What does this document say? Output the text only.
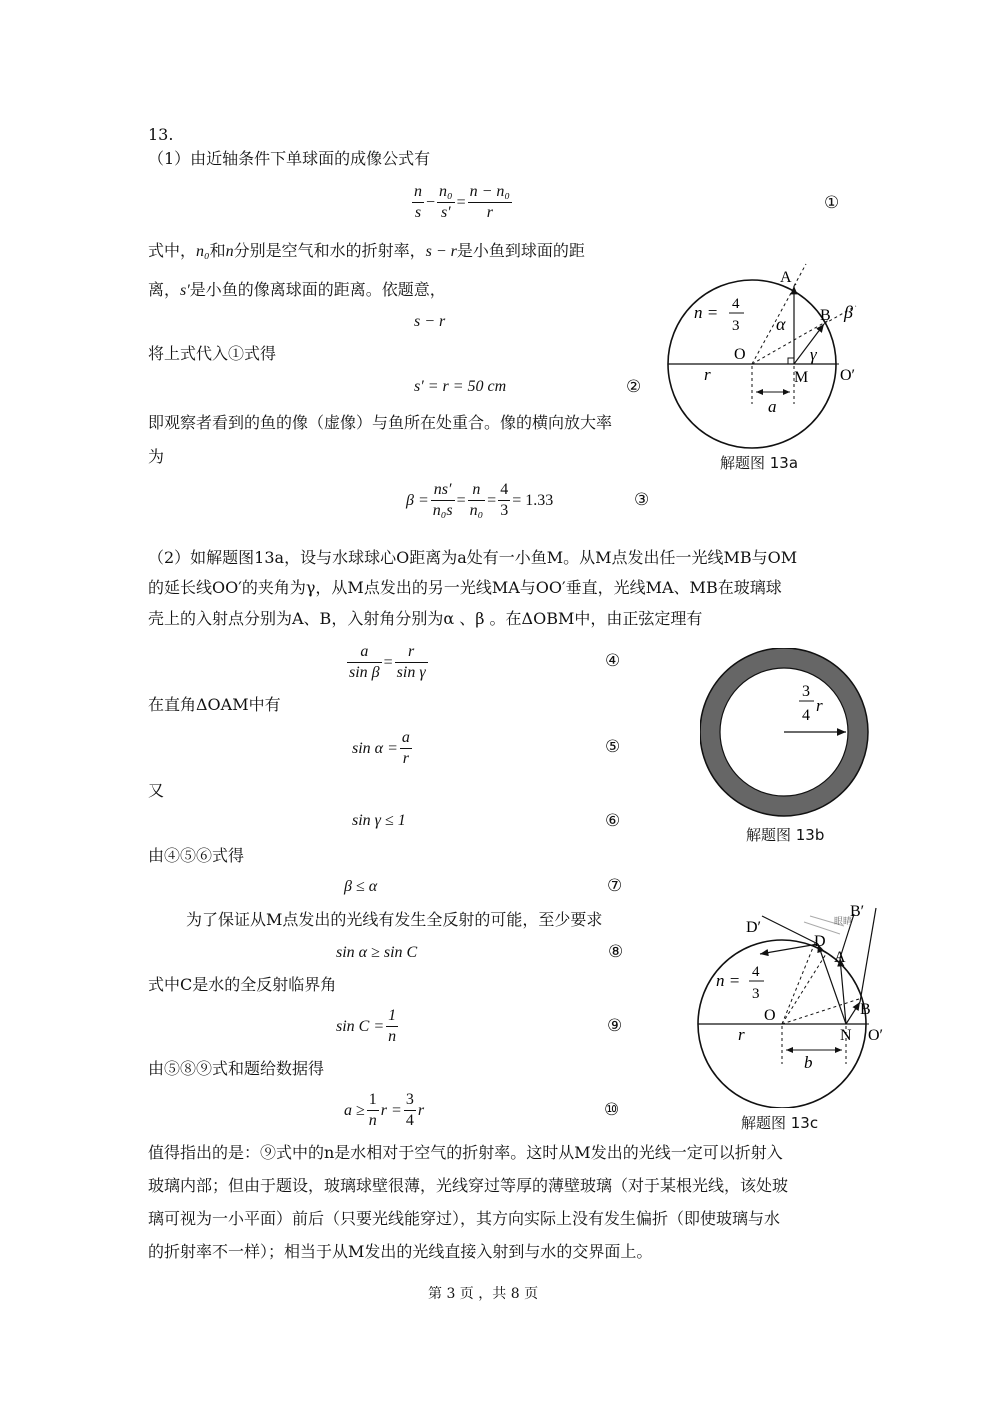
13.
（1）由近轴条件下单球面的成像公式有
$\frac{n}{s} - \frac{\text{n₀}}{s'} = \frac{\text{n − n₀}}{r}$	①
式中，n₀和n分别是空气和水的折射率，s − r是小鱼到球面的距
离，s′是小鱼的像离球面的距离。依题意，
s − r
将上式代入①式得
s′ = r = 50 cm	②
即观察者看到的鱼的像（虚像）与鱼所在处重合。像的横向放大率
为
$\beta = \frac{ns'}{\text{n₀s}} = \frac{n}{\text{n₀}} = \frac{4}{3} = 1.33$	③
（2）如解题图13a，设与水球球心O距离为a处有一小鱼M。从M点发出任一光线MB与OM
的延长线OO′的夹角为γ，从M点发出的另一光线MA与OO′垂直，光线MA、MB在玻璃球
壳上的入射点分别为A、B，入射角分别为α 、β 。在ΔOBM中，由正弦定理有
$\frac{a}{\text{sin β}} = \frac{r}{\text{sin γ}}$	④
在直角ΔOAM中有
$\sin \alpha = \frac{a}{r}$	⑤
又
sin γ ≤ 1	⑥
由④⑤⑥式得
β ≤ α	⑦
为了保证从M点发出的光线有发生全反射的可能，至少要求
sin α ≥ sin C	⑧
式中C是水的全反射临界角
$\sin C = \frac{1}{n}$	⑨
由⑤⑧⑨式和题给数据得
$a \ge \frac{1}{n}$ $r = \frac{3}{4}$ r	⑩
值得指出的是：⑨式中的n是水相对于空气的折射率。这时从M发出的光线一定可以折射入
玻璃内部；但由于题设，玻璃球壁很薄，光线穿过等厚的薄壁玻璃（对于某根光线，该处玻
璃可视为一小平面）前后（只要光线能穿过），其方向实际上没有发生偏折（即使玻璃与水
的折射率不一样）；相当于从M发出的光线直接入射到与水的交界面上。
n = 4
3
A
B β
α
γ
O
M O′
r
a
解题图 13a
3
4
r
解题图 13b
眼睛
n = 4
3
D′
D
A
B
B′
O
N O′
r
b
解题图 13c
第 3 页 ，共 8 页
